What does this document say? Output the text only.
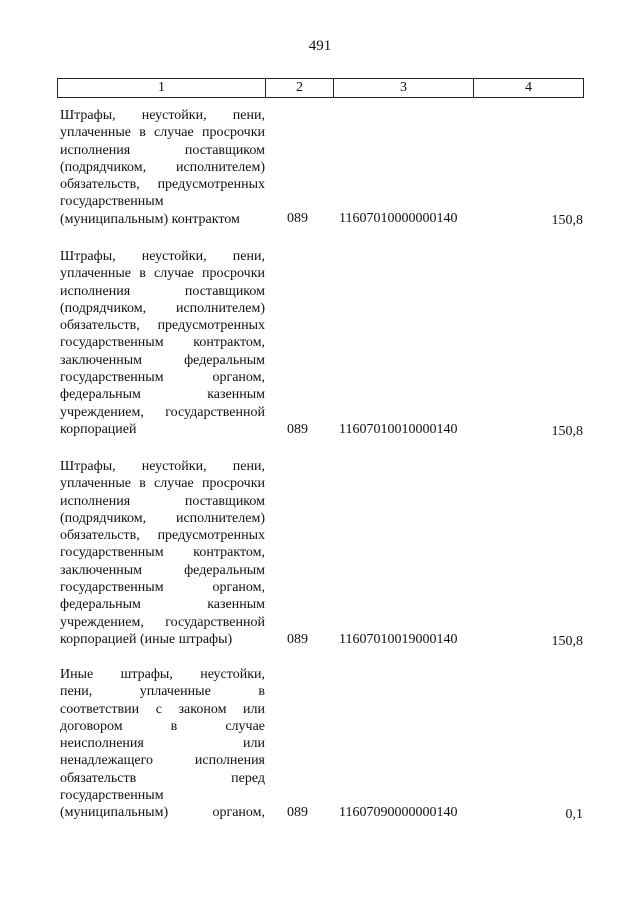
491
1	2	3	4
Штрафы, неустойки, пени,
уплаченные в случае просрочки
исполнения поставщиком
(подрядчиком, исполнителем)
обязательств, предусмотренных
государственным
(муниципальным) контрактом	089 11607010000000140	150,8
Штрафы, неустойки, пени,
уплаченные в случае просрочки
исполнения поставщиком
(подрядчиком, исполнителем)
обязательств, предусмотренных
государственным контрактом,
заключенным федеральным
государственным органом,
федеральным казенным
учреждением, государственной
корпорацией	089 11607010010000140	150,8
Штрафы, неустойки, пени,
уплаченные в случае просрочки
исполнения поставщиком
(подрядчиком, исполнителем)
обязательств, предусмотренных
государственным контрактом,
заключенным федеральным
государственным органом,
федеральным казенным
учреждением, государственной
корпорацией (иные штрафы)	089 11607010019000140	150,8
Иные штрафы, неустойки,
пени, уплаченные в
соответствии с законом или
договором в случае
неисполнения или
ненадлежащего исполнения
обязательств перед
государственным
(муниципальным) органом, 089 11607090000000140	0,1
